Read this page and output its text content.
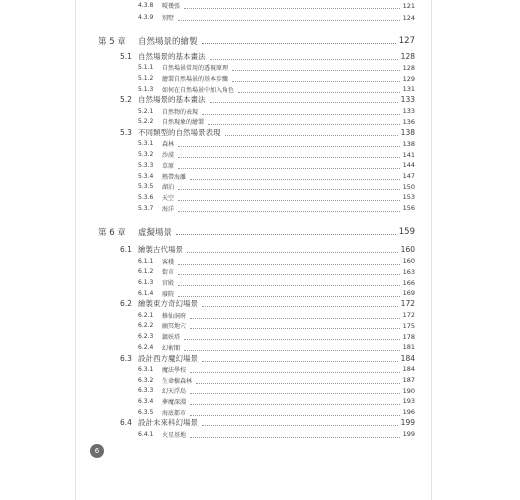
4.3.8	嗄幾張	121
4.3.9	別墅	124
第 5 章	自然場景的繪製	127
5.1 自然場景的基本畫法	128
5.1.1	自然場景常用的透視原理	128
5.1.2	繪製自然場景的基本步驟	129
5.1.3	如何在自然場景中加入角色	131
5.2 自然場景的基本畫法	133
5.2.1	自然物的表現	133
5.2.2	自然現象的繪製	136
5.3 不同類型的自然場景表現	138
5.3.1	森林	138
5.3.2	沙漠	141
5.3.3	草原	144
5.3.4	熱帶海灘	147
5.3.5	湖泊	150
5.3.6	天空	153
5.3.7	海洋	156
第 6 章	虛擬場景	159
6.1 繪製古代場景	160
6.1.1	客棧	160
6.1.2	街市	163
6.1.3	宮殿	166
6.1.4	廢院	169
6.2 繪製東方奇幻場景	172
6.2.1	修仙洞府	172
6.2.2	幽冥地穴	175
6.2.3	鎮妖塔	178
6.2.4	幻術閣	181
6.3 設計西方魔幻場景	184
6.3.1	魔法學校	184
6.3.2	生命樹森林	187
6.3.3	幻天浮島	190
6.3.4	夢魔深淵	193
6.3.5	海底都市	196
6.4 設計未來科幻場景	199
6.4.1	火星基地	199
6
